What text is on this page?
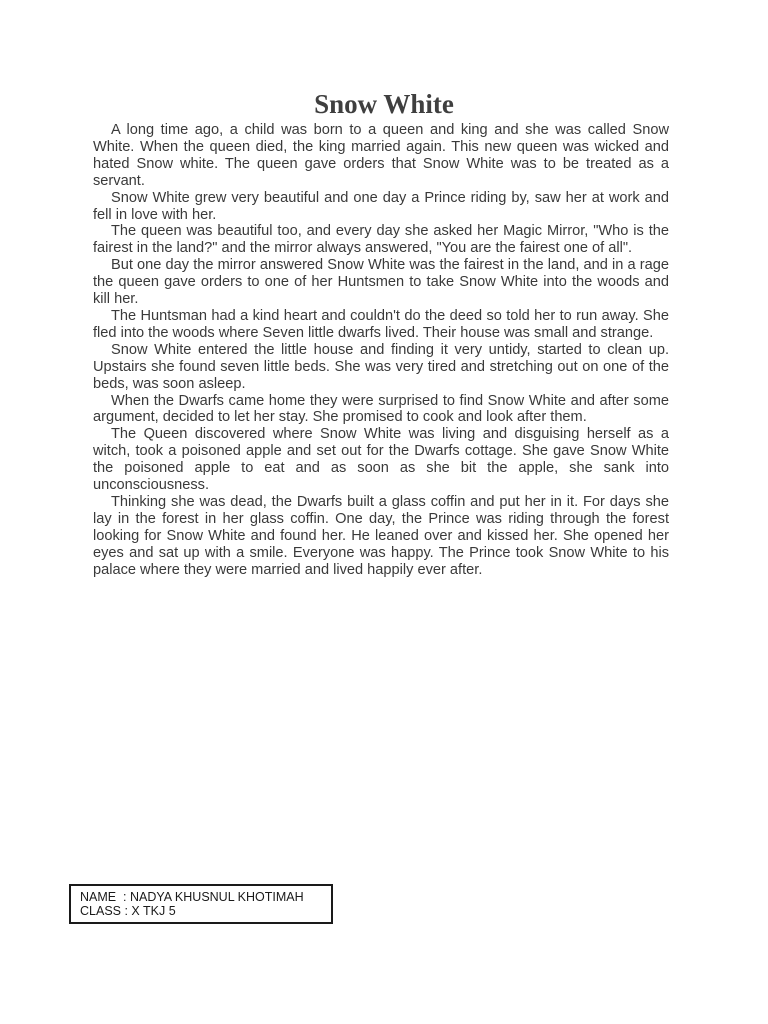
Snow White

A long time ago, a child was born to a queen and king and she was called Snow White. When the queen died, the king married again. This new queen was wicked and hated Snow white. The queen gave orders that Snow White was to be treated as a servant.

Snow White grew very beautiful and one day a Prince riding by, saw her at work and fell in love with her.

The queen was beautiful too, and every day she asked her Magic Mirror, "Who is the fairest in the land?" and the mirror always answered, "You are the fairest one of all".

But one day the mirror answered Snow White was the fairest in the land, and in a rage the queen gave orders to one of her Huntsmen to take Snow White into the woods and kill her.

The Huntsman had a kind heart and couldn't do the deed so told her to run away. She fled into the woods where Seven little dwarfs lived. Their house was small and strange.

Snow White entered the little house and finding it very untidy, started to clean up. Upstairs she found seven little beds. She was very tired and stretching out on one of the beds, was soon asleep.

When the Dwarfs came home they were surprised to find Snow White and after some argument, decided to let her stay. She promised to cook and look after them.

The Queen discovered where Snow White was living and disguising herself as a witch, took a poisoned apple and set out for the Dwarfs cottage. She gave Snow White the poisoned apple to eat and as soon as she bit the apple, she sank into unconsciousness.

Thinking she was dead, the Dwarfs built a glass coffin and put her in it. For days she lay in the forest in her glass coffin. One day, the Prince was riding through the forest looking for Snow White and found her. He leaned over and kissed her. She opened her eyes and sat up with a smile. Everyone was happy. The Prince took Snow White to his palace where they were married and lived happily ever after.

NAME  : NADYA KHUSNUL KHOTIMAH
CLASS : X TKJ 5
